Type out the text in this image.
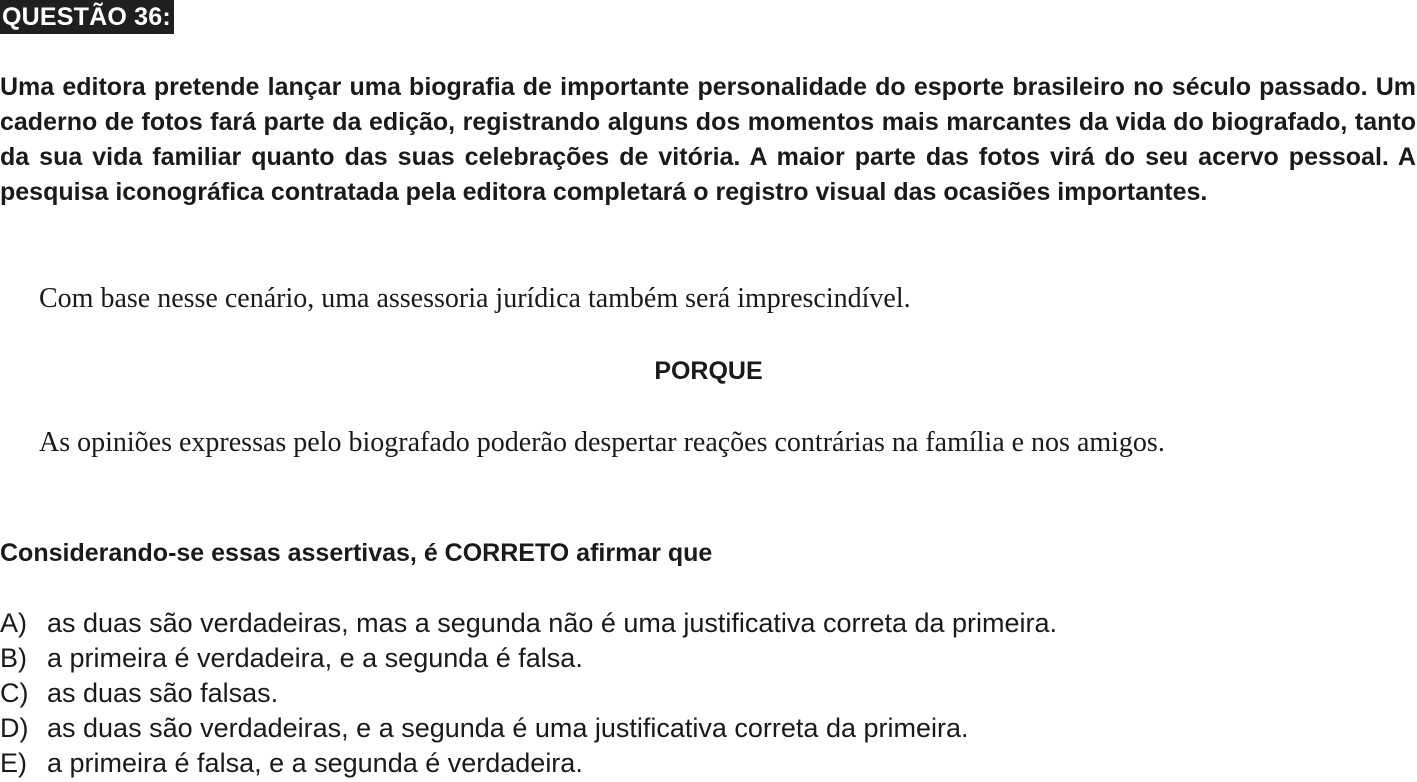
QUESTÃO 36:

Uma editora pretende lançar uma biografia de importante personalidade do esporte brasileiro no século passado. Um caderno de fotos fará parte da edição, registrando alguns dos momentos mais marcantes da vida do biografado, tanto da sua vida familiar quanto das suas celebrações de vitória. A maior parte das fotos virá do seu acervo pessoal. A pesquisa iconográfica contratada pela editora completará o registro visual das ocasiões importantes.

Com base nesse cenário, uma assessoria jurídica também será imprescindível.

PORQUE

As opiniões expressas pelo biografado poderão despertar reações contrárias na família e nos amigos.

Considerando-se essas assertivas, é CORRETO afirmar que

A) as duas são verdadeiras, mas a segunda não é uma justificativa correta da primeira.
B) a primeira é verdadeira, e a segunda é falsa.
C) as duas são falsas.
D) as duas são verdadeiras, e a segunda é uma justificativa correta da primeira.
E) a primeira é falsa, e a segunda é verdadeira.
